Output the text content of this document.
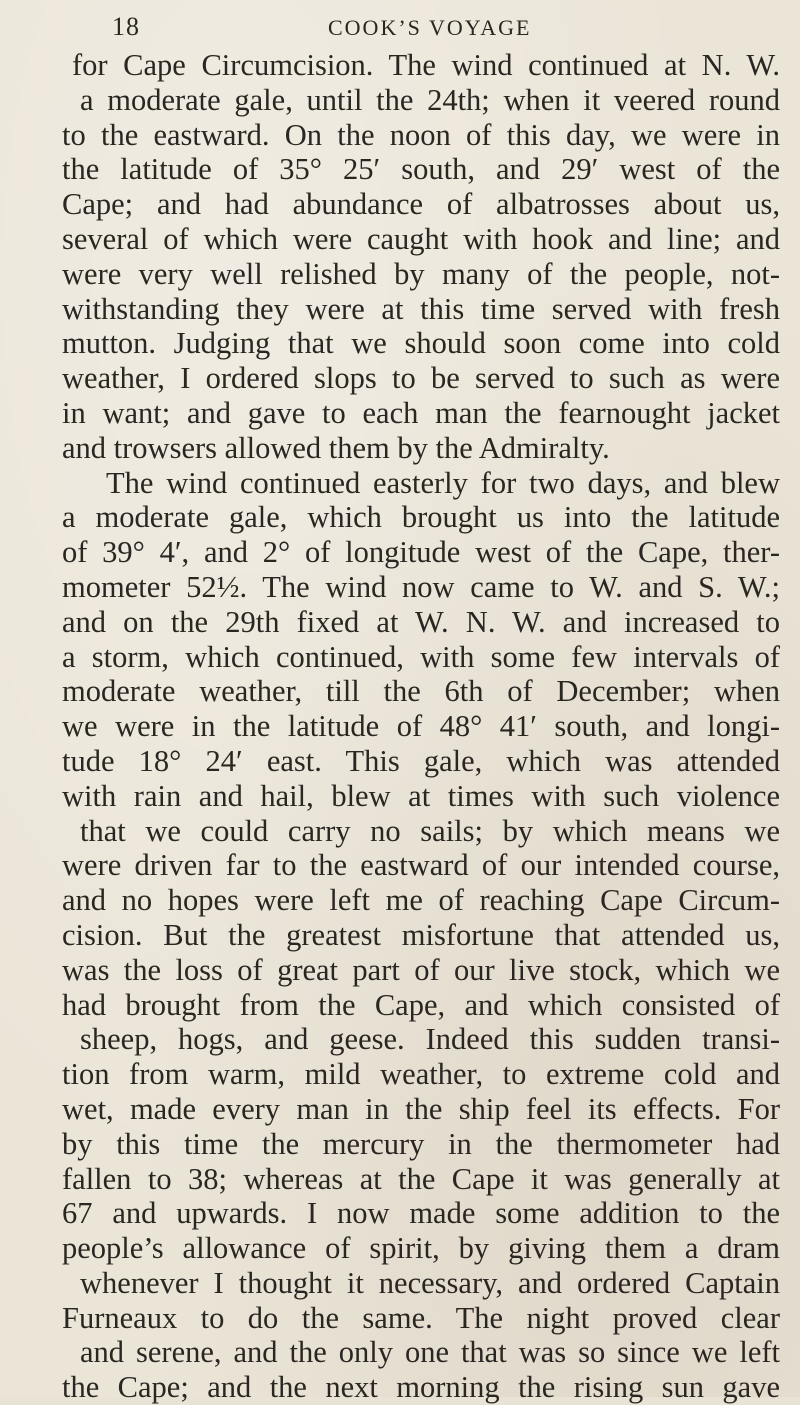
18	COOK’S VOYAGE
for Cape Circumcision. The wind continued at N. W.
a moderate gale, until the 24th; when it veered round
to the eastward. On the noon of this day, we were in
the latitude of 35° 25′ south, and 29′ west of the
Cape; and had abundance of albatrosses about us,
several of which were caught with hook and line; and
were very well relished by many of the people, not-
withstanding they were at this time served with fresh
mutton. Judging that we should soon come into cold
weather, I ordered slops to be served to such as were
in want; and gave to each man the fearnought jacket
and trowsers allowed them by the Admiralty.
The wind continued easterly for two days, and blew
a moderate gale, which brought us into the latitude
of 39° 4′, and 2° of longitude west of the Cape, ther-
mometer 52½. The wind now came to W. and S. W.;
and on the 29th fixed at W. N. W. and increased to
a storm, which continued, with some few intervals of
moderate weather, till the 6th of December; when
we were in the latitude of 48° 41′ south, and longi-
tude 18° 24′ east. This gale, which was attended
with rain and hail, blew at times with such violence
that we could carry no sails; by which means we
were driven far to the eastward of our intended course,
and no hopes were left me of reaching Cape Circum-
cision. But the greatest misfortune that attended us,
was the loss of great part of our live stock, which we
had brought from the Cape, and which consisted of
sheep, hogs, and geese. Indeed this sudden transi-
tion from warm, mild weather, to extreme cold and
wet, made every man in the ship feel its effects. For
by this time the mercury in the thermometer had
fallen to 38; whereas at the Cape it was generally at
67 and upwards. I now made some addition to the
people’s allowance of spirit, by giving them a dram
whenever I thought it necessary, and ordered Captain
Furneaux to do the same. The night proved clear
and serene, and the only one that was so since we left
the Cape; and the next morning the rising sun gave
